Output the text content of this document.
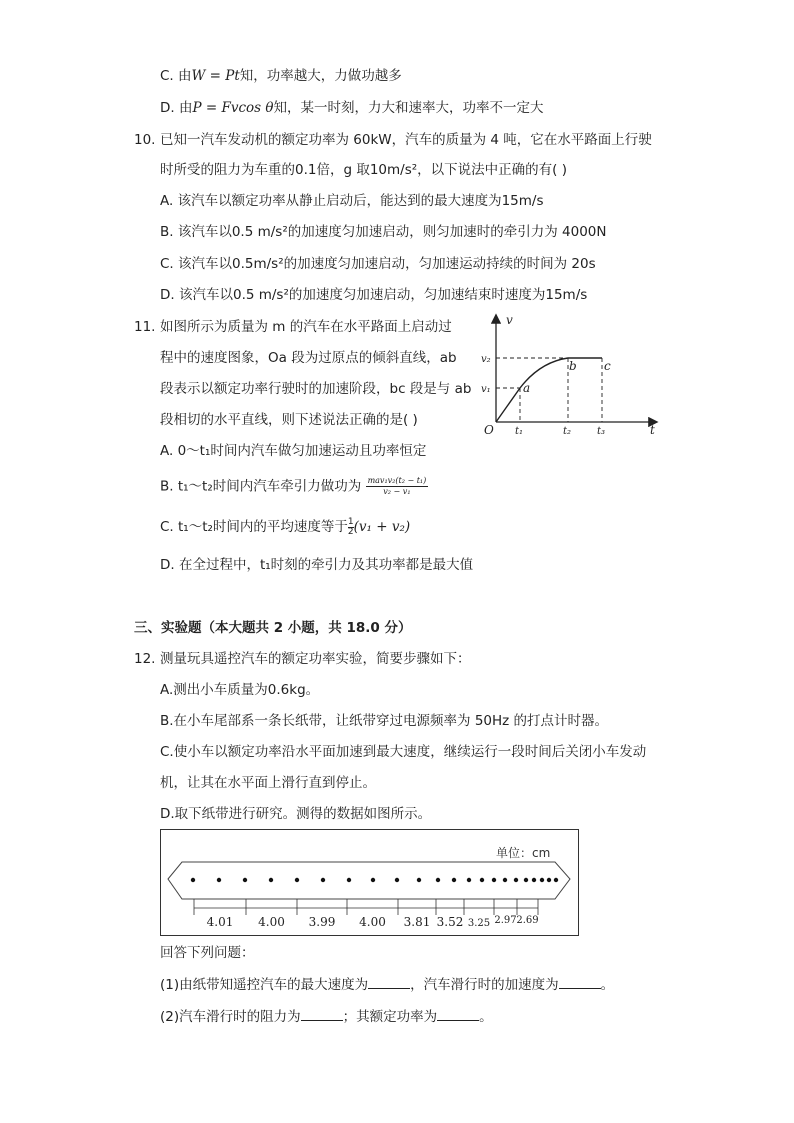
C. 由W = Pt知，功率越大，力做功越多
D. 由P = Fvcos θ知，某一时刻，力大和速率大，功率不一定大
10. 已知一汽车发动机的额定功率为 60kW，汽车的质量为 4 吨，它在水平路面上行驶
时所受的阻力为车重的0.1倍，g 取10m/s²，以下说法中正确的有( )
A. 该汽车以额定功率从静止启动后，能达到的最大速度为15m/s
B. 该汽车以0.5 m/s²的加速度匀加速启动，则匀加速时的牵引力为 4000N
C. 该汽车以0.5m/s²的加速度匀加速启动，匀加速运动持续的时间为 20s
D. 该汽车以0.5 m/s²的加速度匀加速启动，匀加速结束时速度为15m/s
11. 如图所示为质量为 m 的汽车在水平路面上启动过
程中的速度图象，Oa 段为过原点的倾斜直线，ab
段表示以额定功率行驶时的加速阶段，bc 段是与 ab
段相切的水平直线，则下述说法正确的是( )
A. 0～t₁时间内汽车做匀加速运动且功率恒定
B. t₁～t₂时间内汽车牵引力做功为 $\frac{\text{mav₁v₂(t₂ − t₁)}}{\text{v₂ − v₁}}$
C. t₁～t₂时间内的平均速度等于 $\frac{1}{2}(v_1 + v_2)$
D. 在全过程中，t₁时刻的牵引力及其功率都是最大值
v
t
O
v₂
v₁
t₁	t₂	t₃
a
b c
三、实验题（本大题共 2 小题，共 18.0 分）
12. 测量玩具遥控汽车的额定功率实验，简要步骤如下：
A.测出小车质量为0.6kg。
B.在小车尾部系一条长纸带，让纸带穿过电源频率为 50Hz 的打点计时器。
C.使小车以额定功率沿水平面加速到最大速度，继续运行一段时间后关闭小车发动
机，让其在水平面上滑行直到停止。
D.取下纸带进行研究。测得的数据如图所示。
单位：cm
4.01 4.00 3.99 4.00 3.81 3.52 3.25 2.97 2.69
回答下列问题：
(1)由纸带知遥控汽车的最大速度为	，汽车滑行时的加速度为	。
(2)汽车滑行时的阻力为	；其额定功率为	。
